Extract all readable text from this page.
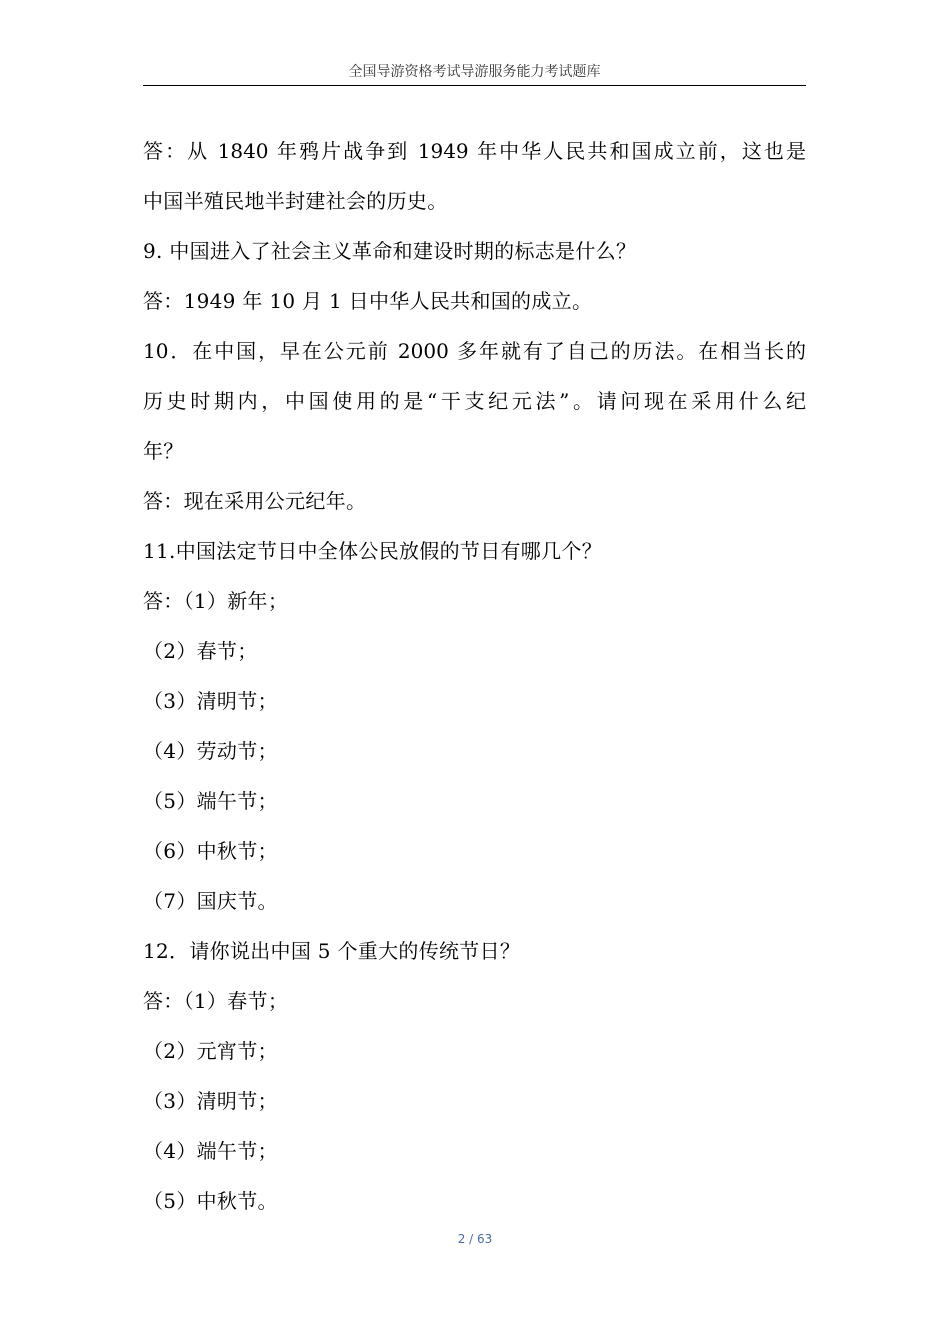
全国导游资格考试导游服务能力考试题库
答：从 1840 年鸦片战争到 1949 年中华人民共和国成立前，这也是
中国半殖民地半封建社会的历史。
9. 中国进入了社会主义革命和建设时期的标志是什么？
答：1949 年 10 月 1 日中华人民共和国的成立。
10．在中国，早在公元前 2000 多年就有了自己的历法。在相当长的
历史时期内，中国使用的是“干支纪元法”。请问现在采用什么纪
年？
答：现在采用公元纪年。
11.中国法定节日中全体公民放假的节日有哪几个？
答：（1）新年；
（2）春节；
（3）清明节；
（4）劳动节；
（5）端午节；
（6）中秋节；
（7）国庆节。
12．请你说出中国 5 个重大的传统节日？
答：（1）春节；
（2）元宵节；
（3）清明节；
（4）端午节；
（5）中秋节。
2 / 63
